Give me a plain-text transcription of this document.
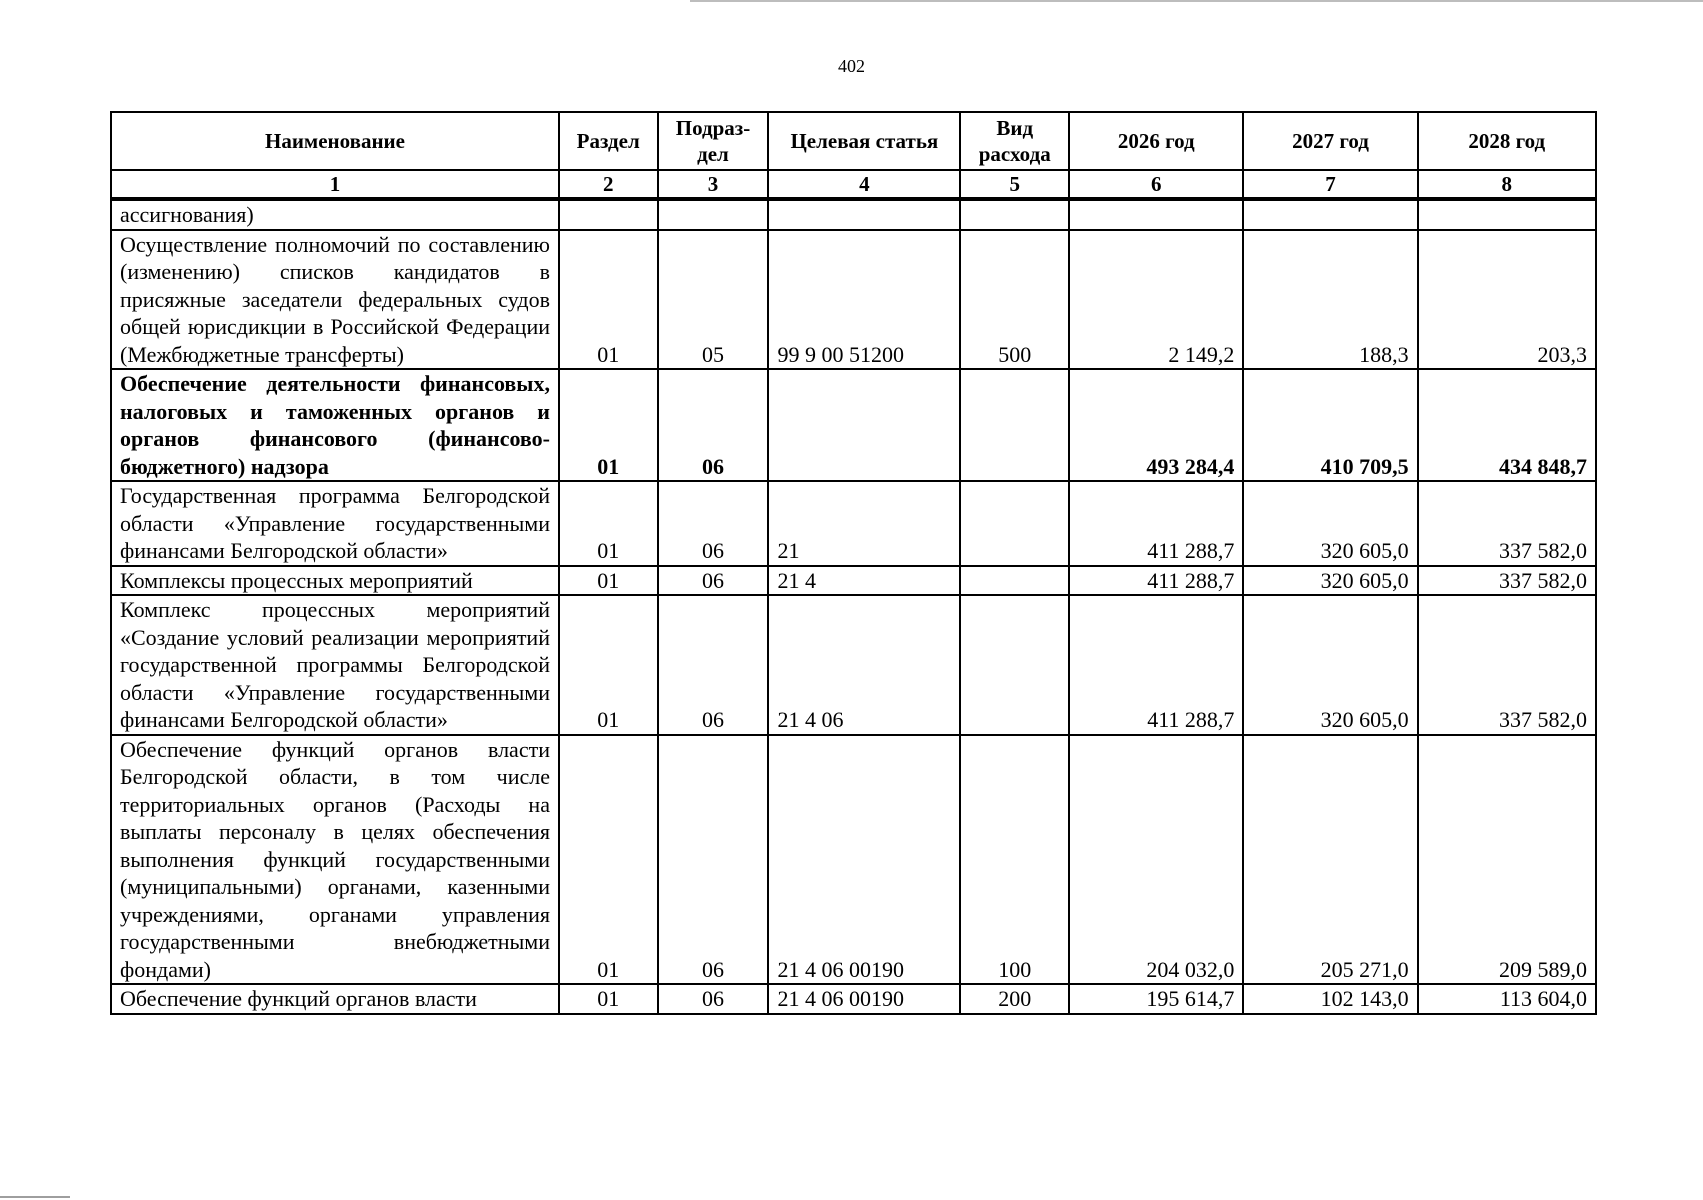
402
Наименование	Раздел	Подраз-дел	Целевая статья	Вид расхода	2026 год	2027 год	2028 год
1	2	3	4	5	6	7	8
ассигнования)							
Осуществление полномочий по составлению (изменению) списков кандидатов в присяжные заседатели федеральных судов общей юрисдикции в Российской Федерации (Межбюджетные трансферты)	01	05	99 9 00 51200	500	2 149,2	188,3	203,3
Обеспечение деятельности финансовых, налоговых и таможенных органов и органов финансового (финансово-бюджетного) надзора	01	06			493 284,4	410 709,5	434 848,7
Государственная программа Белгородской области «Управление государственными финансами Белгородской области»	01	06	21		411 288,7	320 605,0	337 582,0
Комплексы процессных мероприятий	01	06	21 4		411 288,7	320 605,0	337 582,0
Комплекс процессных мероприятий «Создание условий реализации мероприятий государственной программы Белгородской области «Управление государственными финансами Белгородской области»	01	06	21 4 06		411 288,7	320 605,0	337 582,0
Обеспечение функций органов власти Белгородской области, в том числе территориальных органов (Расходы на выплаты персоналу в целях обеспечения выполнения функций государственными (муниципальными) органами, казенными учреждениями, органами управления государственными внебюджетными фондами)	01	06	21 4 06 00190	100	204 032,0	205 271,0	209 589,0
Обеспечение функций органов власти	01	06	21 4 06 00190	200	195 614,7	102 143,0	113 604,0
